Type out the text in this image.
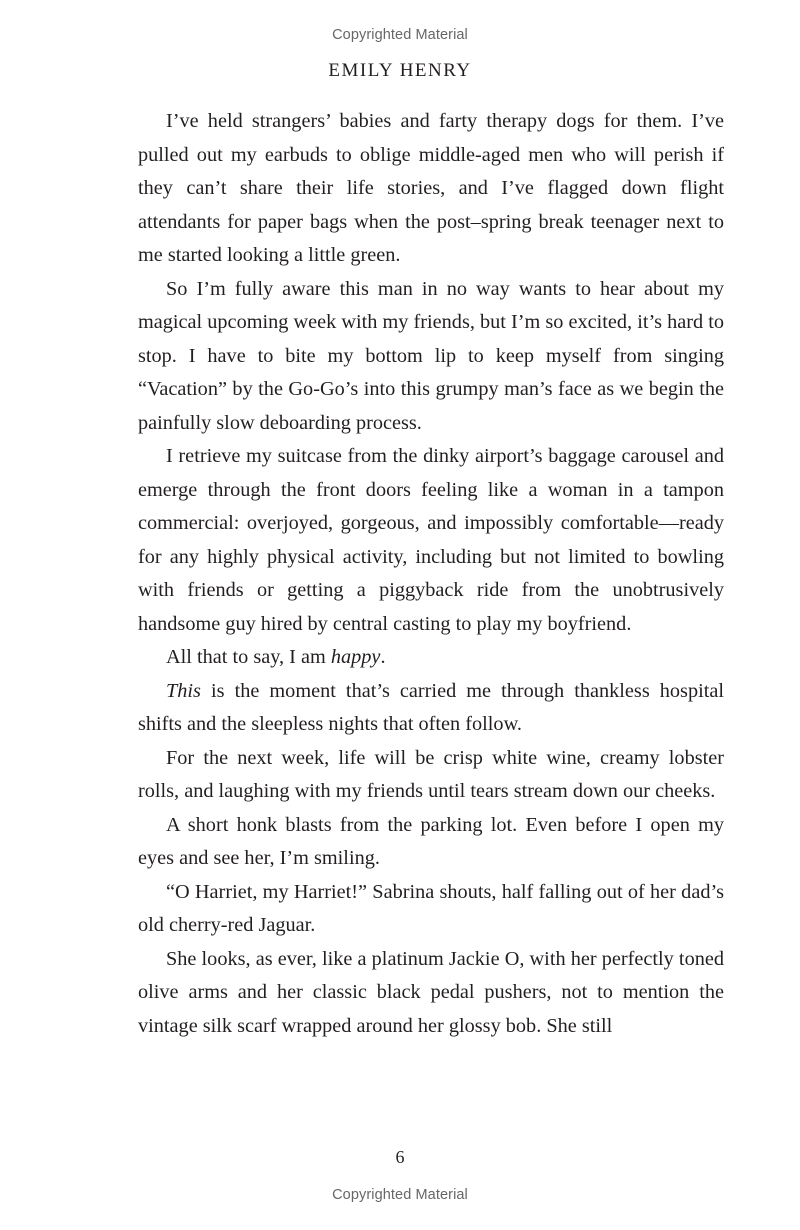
Copyrighted Material
EMILY HENRY

I’ve held strangers’ babies and farty therapy dogs for them. I’ve pulled out my earbuds to oblige middle-aged men who will perish if they can’t share their life stories, and I’ve flagged down flight attendants for paper bags when the post–spring break teenager next to me started looking a little green.

So I’m fully aware this man in no way wants to hear about my magical upcoming week with my friends, but I’m so excited, it’s hard to stop. I have to bite my bottom lip to keep myself from singing “Vacation” by the Go-Go’s into this grumpy man’s face as we begin the painfully slow deboarding process.

I retrieve my suitcase from the dinky airport’s baggage carousel and emerge through the front doors feeling like a woman in a tampon commercial: overjoyed, gorgeous, and impossibly comfortable—ready for any highly physical activity, including but not limited to bowling with friends or getting a piggyback ride from the unobtrusively handsome guy hired by central casting to play my boyfriend.

All that to say, I am happy.

This is the moment that’s carried me through thankless hospital shifts and the sleepless nights that often follow.

For the next week, life will be crisp white wine, creamy lobster rolls, and laughing with my friends until tears stream down our cheeks.

A short honk blasts from the parking lot. Even before I open my eyes and see her, I’m smiling.

“O Harriet, my Harriet!” Sabrina shouts, half falling out of her dad’s old cherry-red Jaguar.

She looks, as ever, like a platinum Jackie O, with her perfectly toned olive arms and her classic black pedal pushers, not to mention the vintage silk scarf wrapped around her glossy bob. She still

6
Copyrighted Material
